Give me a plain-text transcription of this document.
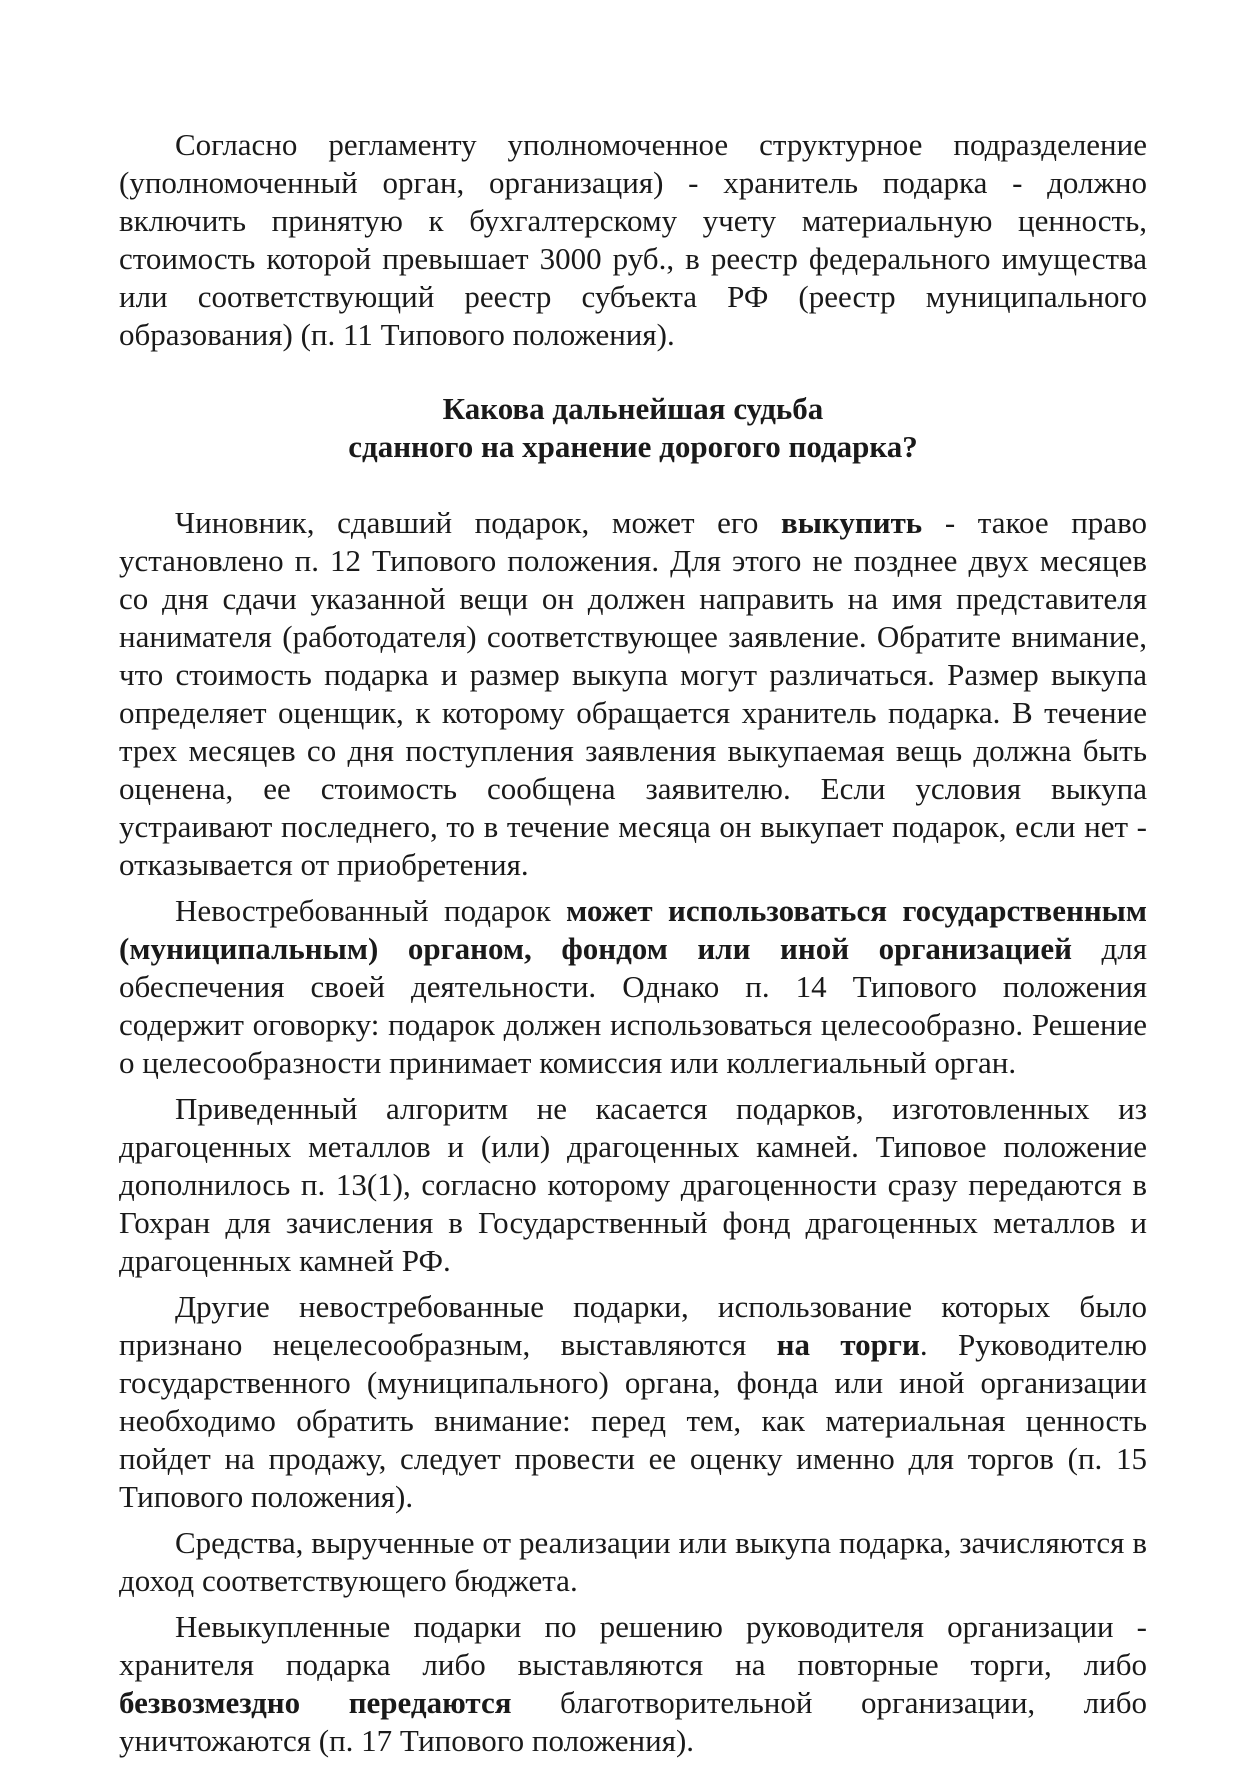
Согласно регламенту уполномоченное структурное подразделение (уполномоченный орган, организация) - хранитель подарка - должно включить принятую к бухгалтерскому учету материальную ценность, стоимость которой превышает 3000 руб., в реестр федерального имущества или соответствующий реестр субъекта РФ (реестр муниципального образования) (п. 11 Типового положения).

Какова дальнейшая судьба
сданного на хранение дорогого подарка?

Чиновник, сдавший подарок, может его выкупить - такое право установлено п. 12 Типового положения. Для этого не позднее двух месяцев со дня сдачи указанной вещи он должен направить на имя представителя нанимателя (работодателя) соответствующее заявление. Обратите внимание, что стоимость подарка и размер выкупа могут различаться. Размер выкупа определяет оценщик, к которому обращается хранитель подарка. В течение трех месяцев со дня поступления заявления выкупаемая вещь должна быть оценена, ее стоимость сообщена заявителю. Если условия выкупа устраивают последнего, то в течение месяца он выкупает подарок, если нет - отказывается от приобретения.

Невостребованный подарок может использоваться государственным (муниципальным) органом, фондом или иной организацией для обеспечения своей деятельности. Однако п. 14 Типового положения содержит оговорку: подарок должен использоваться целесообразно. Решение о целесообразности принимает комиссия или коллегиальный орган.

Приведенный алгоритм не касается подарков, изготовленных из драгоценных металлов и (или) драгоценных камней. Типовое положение дополнилось п. 13(1), согласно которому драгоценности сразу передаются в Гохран для зачисления в Государственный фонд драгоценных металлов и драгоценных камней РФ.

Другие невостребованные подарки, использование которых было признано нецелесообразным, выставляются на торги. Руководителю государственного (муниципального) органа, фонда или иной организации необходимо обратить внимание: перед тем, как материальная ценность пойдет на продажу, следует провести ее оценку именно для торгов (п. 15 Типового положения).

Средства, вырученные от реализации или выкупа подарка, зачисляются в доход соответствующего бюджета.

Невыкупленные подарки по решению руководителя организации - хранителя подарка либо выставляются на повторные торги, либо безвозмездно передаются благотворительной организации, либо уничтожаются (п. 17 Типового положения).
